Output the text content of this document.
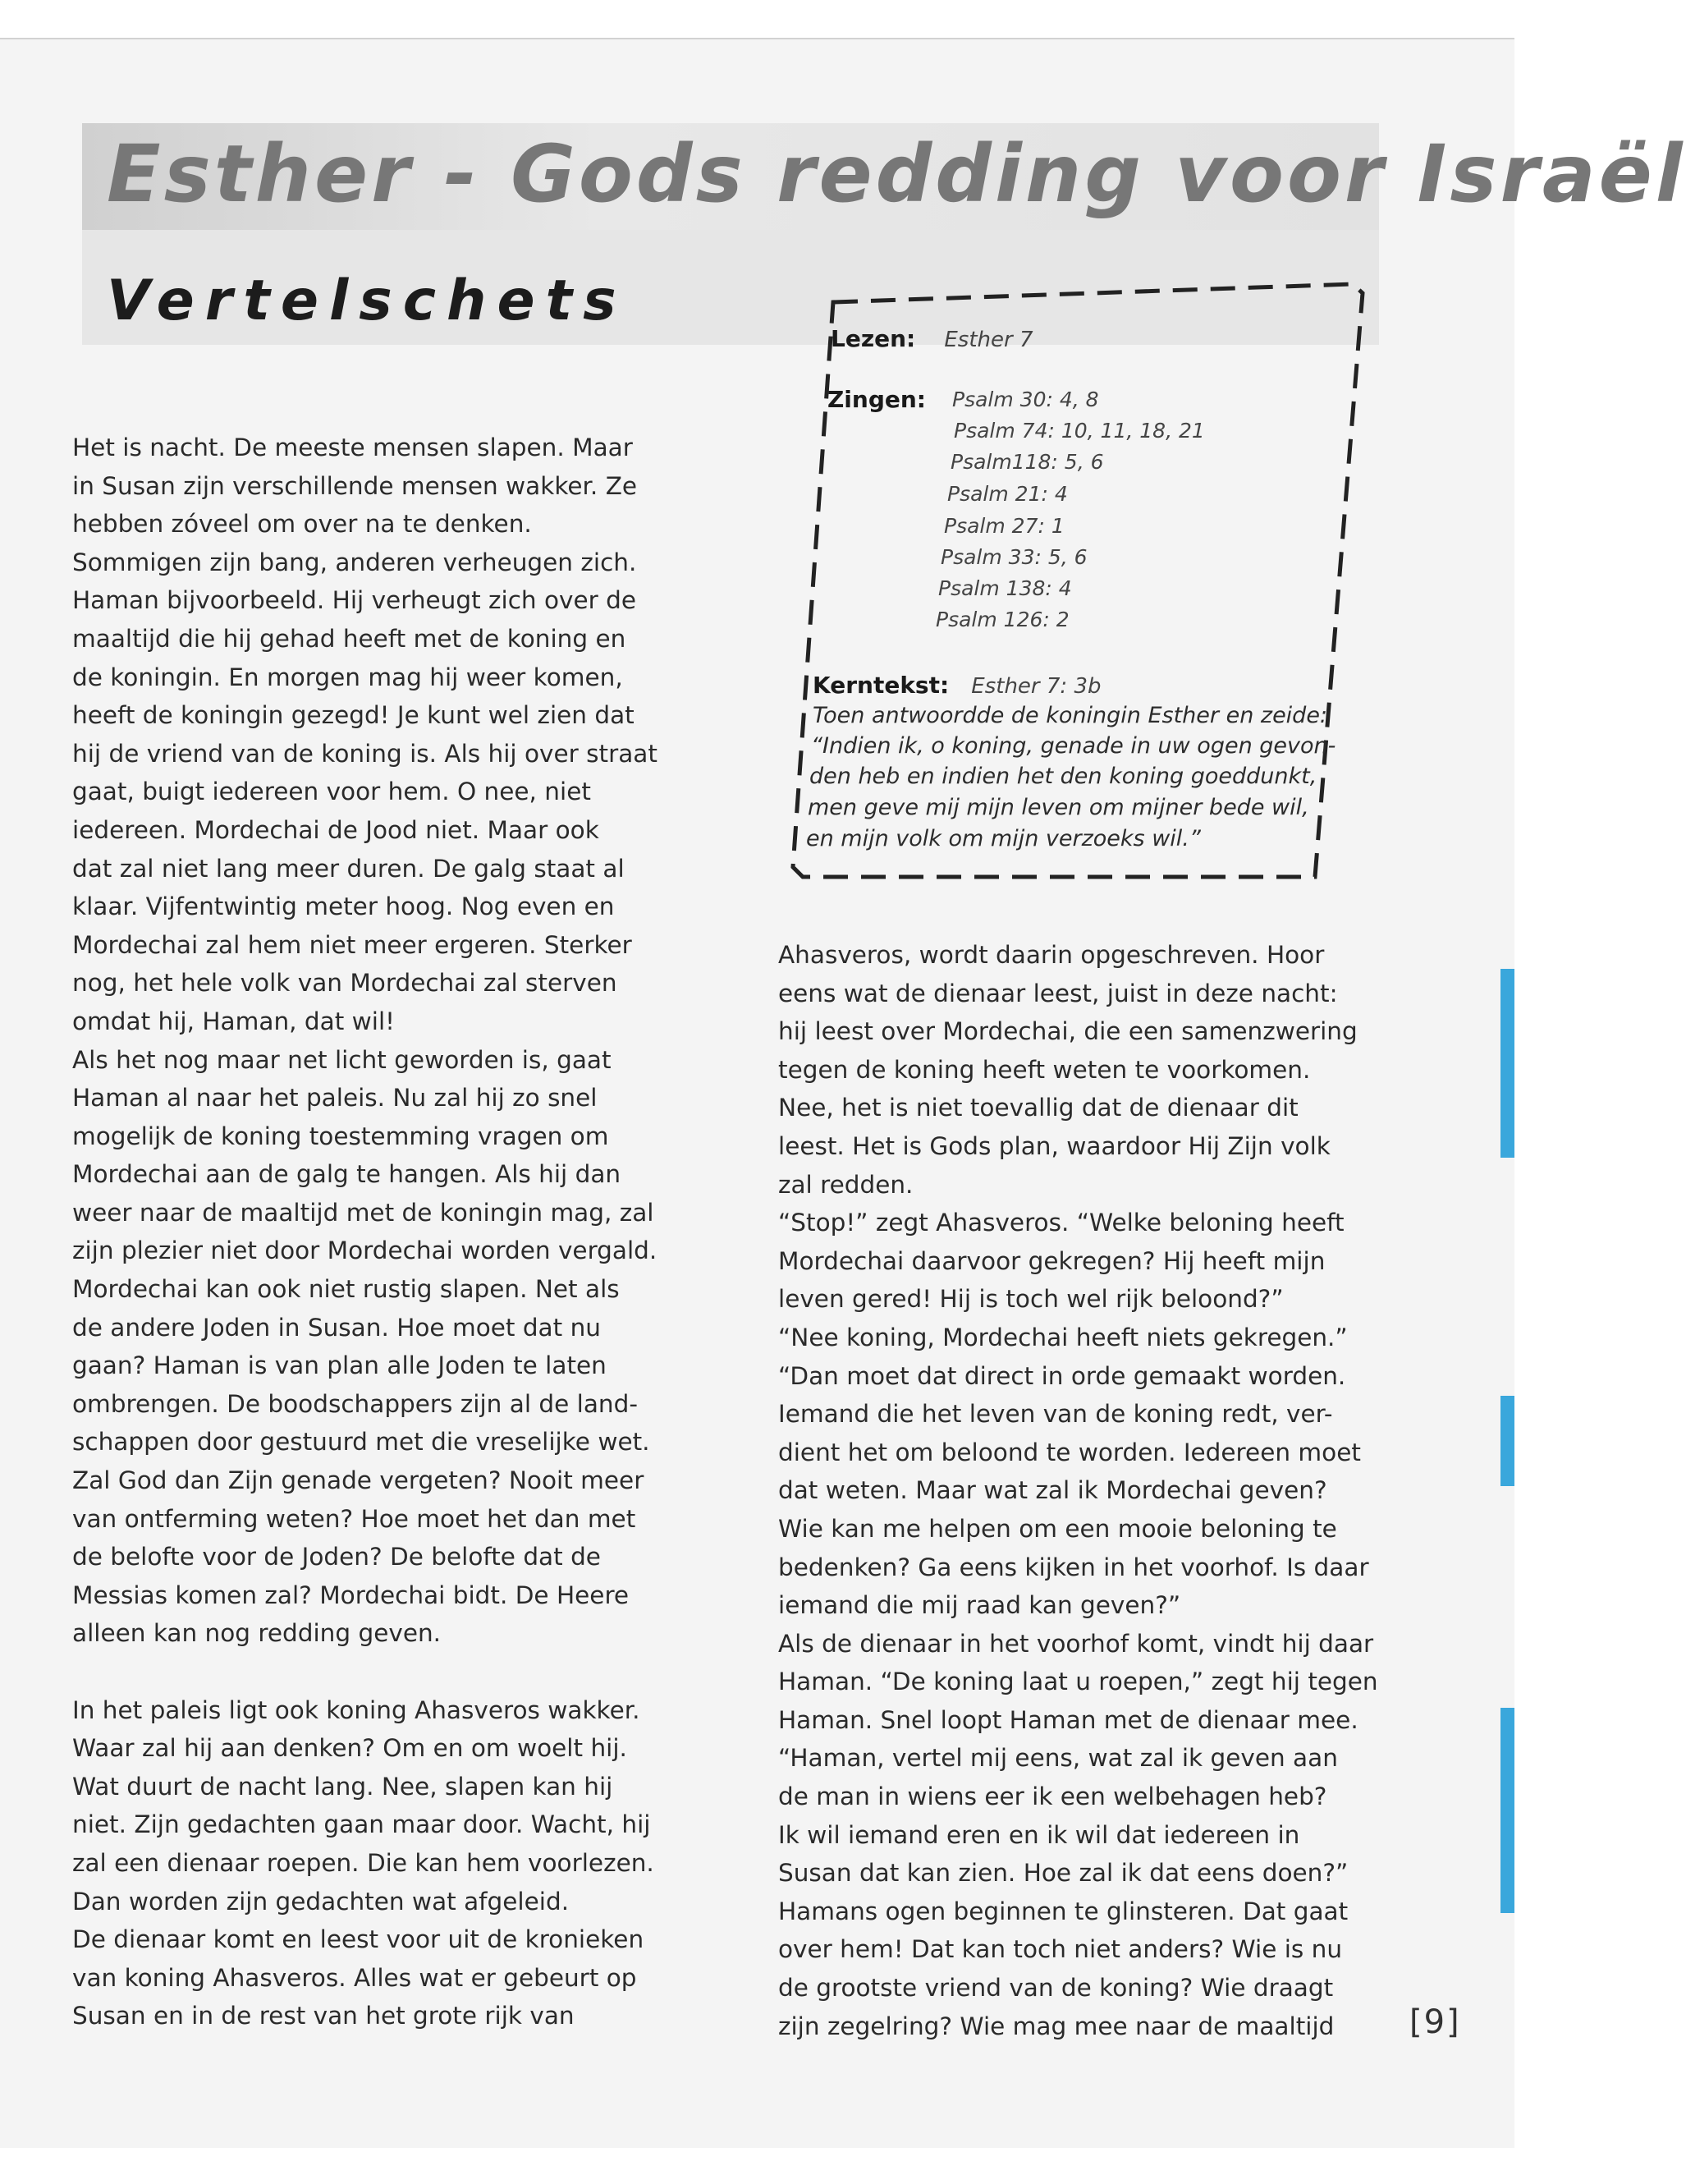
Esther - Gods redding voor Israël
Vertelschets
Lezen: Esther 7
Zingen: Psalm 30: 4, 8
Psalm 74: 10, 11, 18, 21
Psalm118: 5, 6
Psalm 21: 4
Psalm 27: 1
Psalm 33: 5, 6
Psalm 138: 4
Psalm 126: 2
Kerntekst: Esther 7: 3b
Toen antwoordde de koningin Esther en zeide:
“Indien ik, o koning, genade in uw ogen gevon-
den heb en indien het den koning goeddunkt,
men geve mij mijn leven om mijner bede wil,
en mijn volk om mijn verzoeks wil.”
Het is nacht. De meeste mensen slapen. Maar
in Susan zijn verschillende mensen wakker. Ze
hebben zóveel om over na te denken.
Sommigen zijn bang, anderen verheugen zich.
Haman bijvoorbeeld. Hij verheugt zich over de
maaltijd die hij gehad heeft met de koning en
de koningin. En morgen mag hij weer komen,
heeft de koningin gezegd! Je kunt wel zien dat
hij de vriend van de koning is. Als hij over straat
gaat, buigt iedereen voor hem. O nee, niet
iedereen. Mordechai de Jood niet. Maar ook
dat zal niet lang meer duren. De galg staat al
klaar. Vijfentwintig meter hoog. Nog even en
Mordechai zal hem niet meer ergeren. Sterker
nog, het hele volk van Mordechai zal sterven
omdat hij, Haman, dat wil!
Als het nog maar net licht geworden is, gaat
Haman al naar het paleis. Nu zal hij zo snel
mogelijk de koning toestemming vragen om
Mordechai aan de galg te hangen. Als hij dan
weer naar de maaltijd met de koningin mag, zal
zijn plezier niet door Mordechai worden vergald.
Mordechai kan ook niet rustig slapen. Net als
de andere Joden in Susan. Hoe moet dat nu
gaan? Haman is van plan alle Joden te laten
ombrengen. De boodschappers zijn al de land-
schappen door gestuurd met die vreselijke wet.
Zal God dan Zijn genade vergeten? Nooit meer
van ontferming weten? Hoe moet het dan met
de belofte voor de Joden? De belofte dat de
Messias komen zal? Mordechai bidt. De Heere
alleen kan nog redding geven.
In het paleis ligt ook koning Ahasveros wakker.
Waar zal hij aan denken? Om en om woelt hij.
Wat duurt de nacht lang. Nee, slapen kan hij
niet. Zijn gedachten gaan maar door. Wacht, hij
zal een dienaar roepen. Die kan hem voorlezen.
Dan worden zijn gedachten wat afgeleid.
De dienaar komt en leest voor uit de kronieken
van koning Ahasveros. Alles wat er gebeurt op
Susan en in de rest van het grote rijk van
Ahasveros, wordt daarin opgeschreven. Hoor
eens wat de dienaar leest, juist in deze nacht:
hij leest over Mordechai, die een samenzwering
tegen de koning heeft weten te voorkomen.
Nee, het is niet toevallig dat de dienaar dit
leest. Het is Gods plan, waardoor Hij Zijn volk
zal redden.
“Stop!” zegt Ahasveros. “Welke beloning heeft
Mordechai daarvoor gekregen? Hij heeft mijn
leven gered! Hij is toch wel rijk beloond?”
“Nee koning, Mordechai heeft niets gekregen.”
“Dan moet dat direct in orde gemaakt worden.
Iemand die het leven van de koning redt, ver-
dient het om beloond te worden. Iedereen moet
dat weten. Maar wat zal ik Mordechai geven?
Wie kan me helpen om een mooie beloning te
bedenken? Ga eens kijken in het voorhof. Is daar
iemand die mij raad kan geven?”
Als de dienaar in het voorhof komt, vindt hij daar
Haman. “De koning laat u roepen,” zegt hij tegen
Haman. Snel loopt Haman met de dienaar mee.
“Haman, vertel mij eens, wat zal ik geven aan
de man in wiens eer ik een welbehagen heb?
Ik wil iemand eren en ik wil dat iedereen in
Susan dat kan zien. Hoe zal ik dat eens doen?”
Hamans ogen beginnen te glinsteren. Dat gaat
over hem! Dat kan toch niet anders? Wie is nu
de grootste vriend van de koning? Wie draagt
zijn zegelring? Wie mag mee naar de maaltijd	[9]
